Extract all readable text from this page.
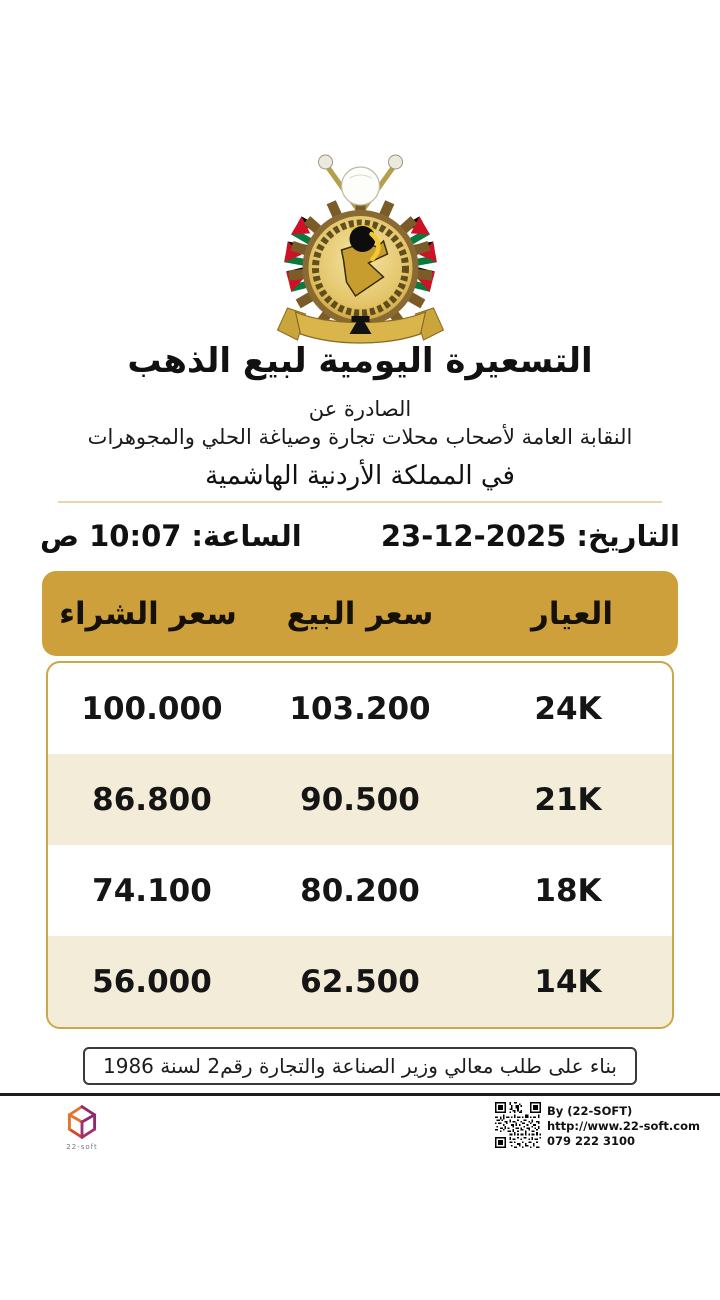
التسعيرة اليومية لبيع الذهب
الصادرة عن
النقابة العامة لأصحاب محلات تجارة وصياغة الحلي والمجوهرات
في المملكة الأردنية الهاشمية
التاريخ:
23-12-2025
الساعة:
10:07 ص
العيار
سعر البيع
سعر الشراء
24K
103.200
100.000
21K
90.500
86.800
18K
80.200
74.100
14K
62.500
56.000
بناء على طلب معالي وزير الصناعة والتجارة رقم2 لسنة 1986
22-soft
By (22-SOFT)
http://www.22-soft.com
079 222 3100
